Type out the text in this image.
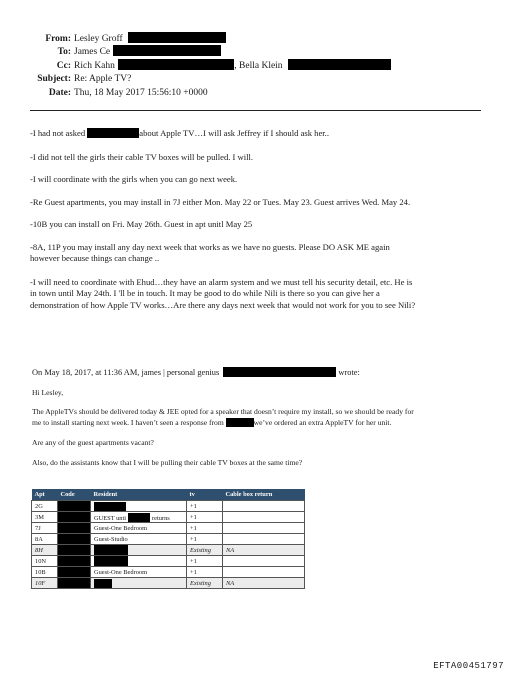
From: Lesley Groff
To: James Ce
Cc: Rich Kahn	, Bella Klein
Subject: Re: Apple TV?
Date: Thu, 18 May 2017 15:56:10 +0000
-I had not asked	about Apple TV…I will ask Jeffrey if I should ask her..
-I did not tell the girls their cable TV boxes will be pulled. I will.
-I will coordinate with the girls when you can go next week.
-Re Guest apartments, you may install in 7J either Mon. May 22 or Tues. May 23. Guest arrives Wed. May 24.
-10B you can install on Fri. May 26th. Guest in apt unitl May 25
-8A, 11P you may install any day next week that works as we have no guests. Please DO ASK ME again
however because things can change ..
-I will need to coordinate with Ehud…they have an alarm system and we must tell his security detail, etc. He is
in town until May 24th. I 'll be in touch. It may be good to do while Nili is there so you can give her a
demonstration of how Apple TV works…Are there any days next week that would not work for you to see Nili?
On May 18, 2017, at 11:36 AM, james | personal genius	wrote:
Hi Lesley,
The AppleTVs should be delivered today & JEE opted for a speaker that doesn’t require my install, so we should be ready for
me to install starting next week. I haven’t seen a response from	we’ve ordered an extra AppleTV for her unit.
Are any of the guest apartments vacant?
Also, do the assistants know that I will be pulling their cable TV boxes at the same time?
Apt	Code	Resident	tv	Cable box return
2G			+1	
3M		GUEST unti returns	+1	
7J		Guest-One Bedroom	+1	
8A		Guest-Studio	+1	
8H			Existing	NA
10N			+1	
10B		Guest-One Bedroom	+1	
10F			Existing	NA
EFTA00451797
